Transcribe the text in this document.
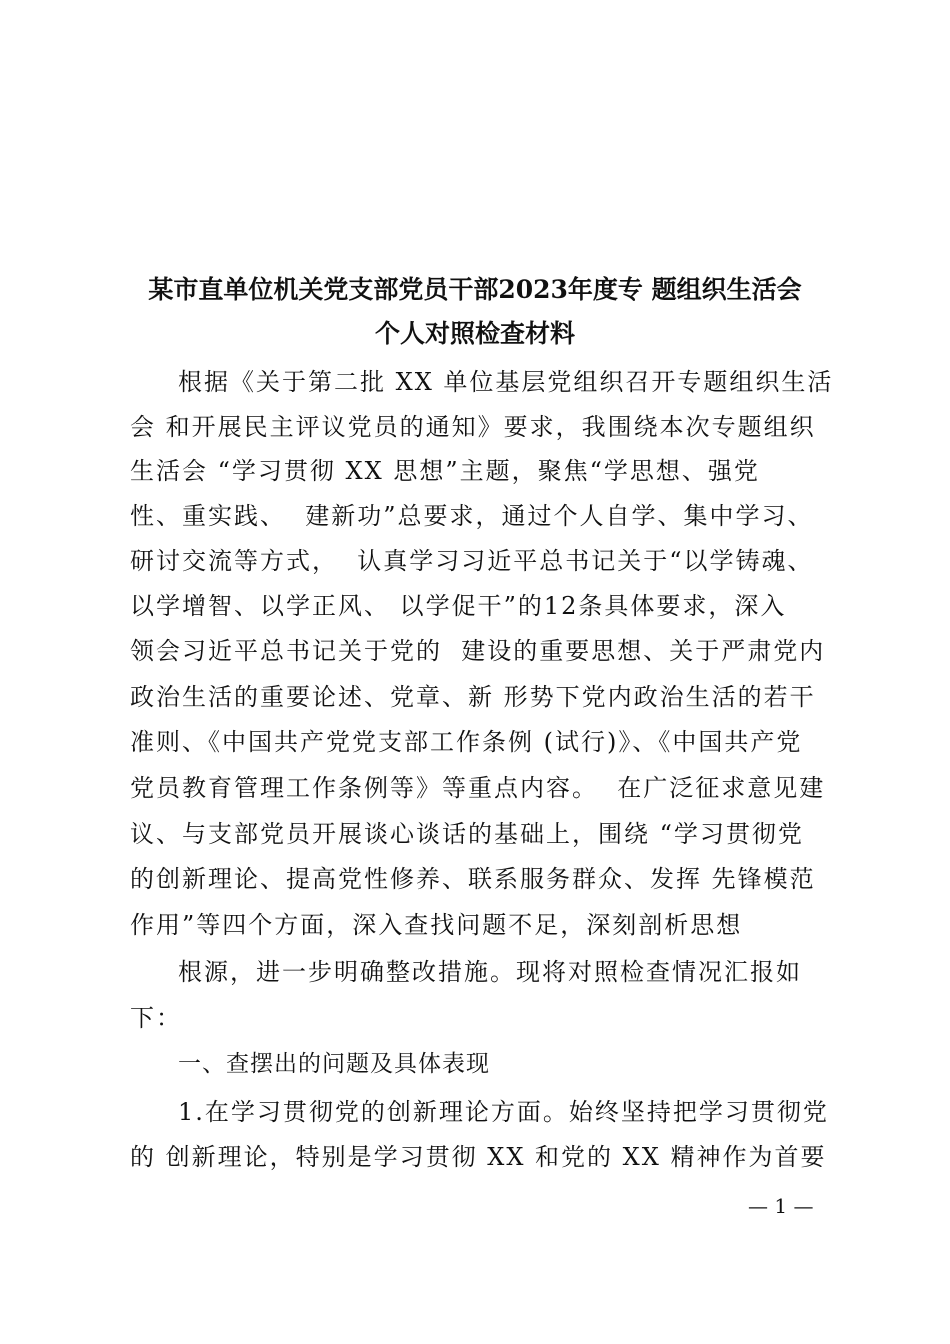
某市直单位机关党支部党员干部2023年度专 题组织生活会
个人对照检查材料
根据《关于第二批 XX 单位基层党组织召开专题组织生活
会 和开展民主评议党员的通知》要求，我围绕本次专题组织
生活会 “学习贯彻 XX 思想”主题，聚焦“学思想、强党
性、重实践、  建新功”总要求，通过个人自学、集中学习、
研讨交流等方式，  认真学习习近平总书记关于“以学铸魂、
以学增智、以学正风、 以学促干”的12条具体要求，深入
领会习近平总书记关于党的  建设的重要思想、关于严肃党内
政治生活的重要论述、党章、新 形势下党内政治生活的若干
准则、《中国共产党党支部工作条例 (试行)》、《中国共产党
党员教育管理工作条例等》等重点内容。  在广泛征求意见建
议、与支部党员开展谈心谈话的基础上，围绕 “学习贯彻党
的创新理论、提高党性修养、联系服务群众、发挥 先锋模范
作用”等四个方面，深入查找问题不足，深刻剖析思想
根源，进一步明确整改措施。现将对照检查情况汇报如
下：
一、查摆出的问题及具体表现
1.在学习贯彻党的创新理论方面。始终坚持把学习贯彻党
的 创新理论，特别是学习贯彻 XX 和党的 XX 精神作为首要
— 1 —
